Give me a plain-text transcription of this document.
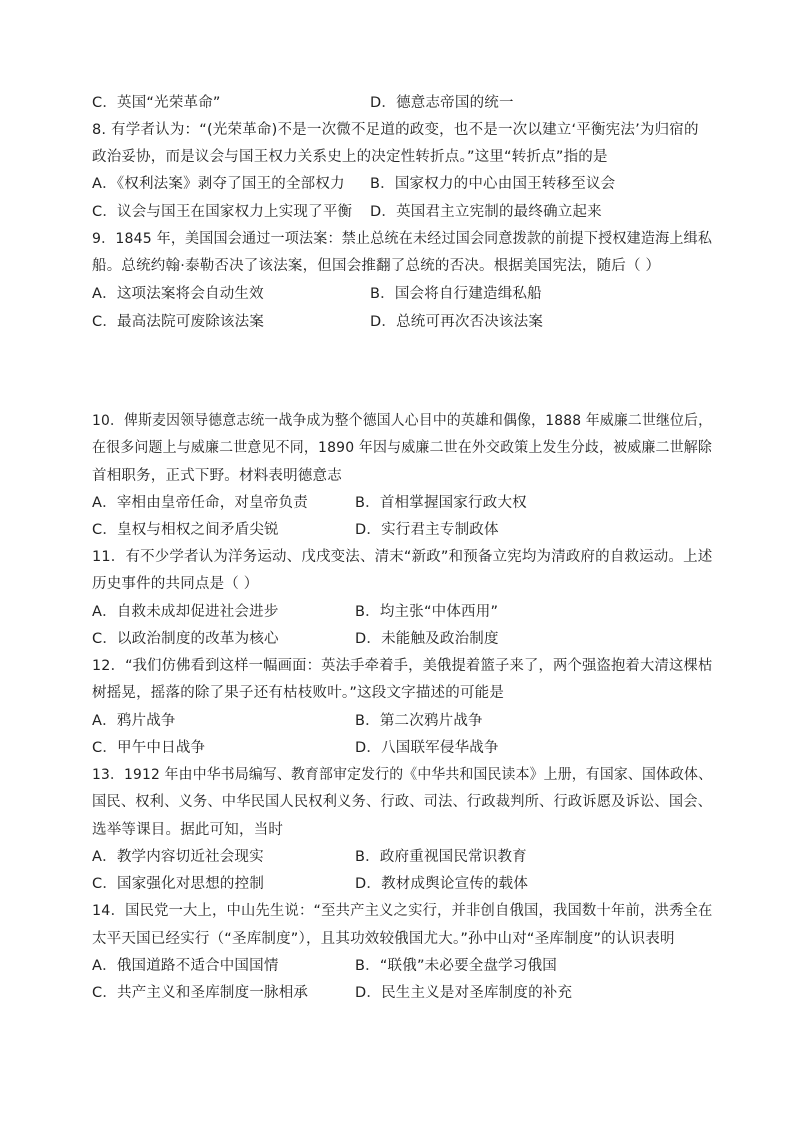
C．英国“光荣革命”	D．德意志帝国的统一
8. 有学者认为：“(光荣革命)不是一次微不足道的政变，也不是一次以建立‘平衡宪法’为归宿的
政治妥协，而是议会与国王权力关系史上的决定性转折点。”这里“转折点”指的是
A．《权利法案》剥夺了国王的全部权力 B．国家权力的中心由国王转移至议会
C．议会与国王在国家权力上实现了平衡 D．英国君主立宪制的最终确立起来
9．1845 年，美国国会通过一项法案：禁止总统在未经过国会同意拨款的前提下授权建造海上缉私
船。总统约翰·泰勒否决了该法案，但国会推翻了总统的否决。根据美国宪法，随后（ ）
A．这项法案将会自动生效	B．国会将自行建造缉私船
C．最高法院可废除该法案	D．总统可再次否决该法案
10．俾斯麦因领导德意志统一战争成为整个德国人心目中的英雄和偶像，1888 年威廉二世继位后，
在很多问题上与威廉二世意见不同，1890 年因与威廉二世在外交政策上发生分歧，被威廉二世解除
首相职务，正式下野。材料表明德意志
A．宰相由皇帝任命，对皇帝负责	B．首相掌握国家行政大权
C．皇权与相权之间矛盾尖锐	D．实行君主专制政体
11．有不少学者认为洋务运动、戊戌变法、清末“新政”和预备立宪均为清政府的自救运动。上述
历史事件的共同点是（ ）
A．自救未成却促进社会进步	B．均主张“中体西用”
C．以政治制度的改革为核心	D．未能触及政治制度
12．“我们仿佛看到这样一幅画面：英法手牵着手，美俄提着篮子来了，两个强盗抱着大清这棵枯
树摇晃，摇落的除了果子还有枯枝败叶。”这段文字描述的可能是
A．鸦片战争	B．第二次鸦片战争
C．甲午中日战争	D．八国联军侵华战争
13．1912 年由中华书局编写、教育部审定发行的《中华共和国民读本》上册，有国家、国体政体、
国民、权利、义务、中华民国人民权利义务、行政、司法、行政裁判所、行政诉愿及诉讼、国会、
选举等课目。据此可知，当时
A．教学内容切近社会现实	B．政府重视国民常识教育
C．国家强化对思想的控制	D．教材成舆论宣传的载体
14．国民党一大上，中山先生说：“至共产主义之实行，并非创自俄国，我国数十年前，洪秀全在
太平天国已经实行（“圣库制度”），且其功效较俄国尤大。”孙中山对“圣库制度”的认识表明
A．俄国道路不适合中国国情	B．“联俄”未必要全盘学习俄国
C．共产主义和圣库制度一脉相承	D．民生主义是对圣库制度的补充
